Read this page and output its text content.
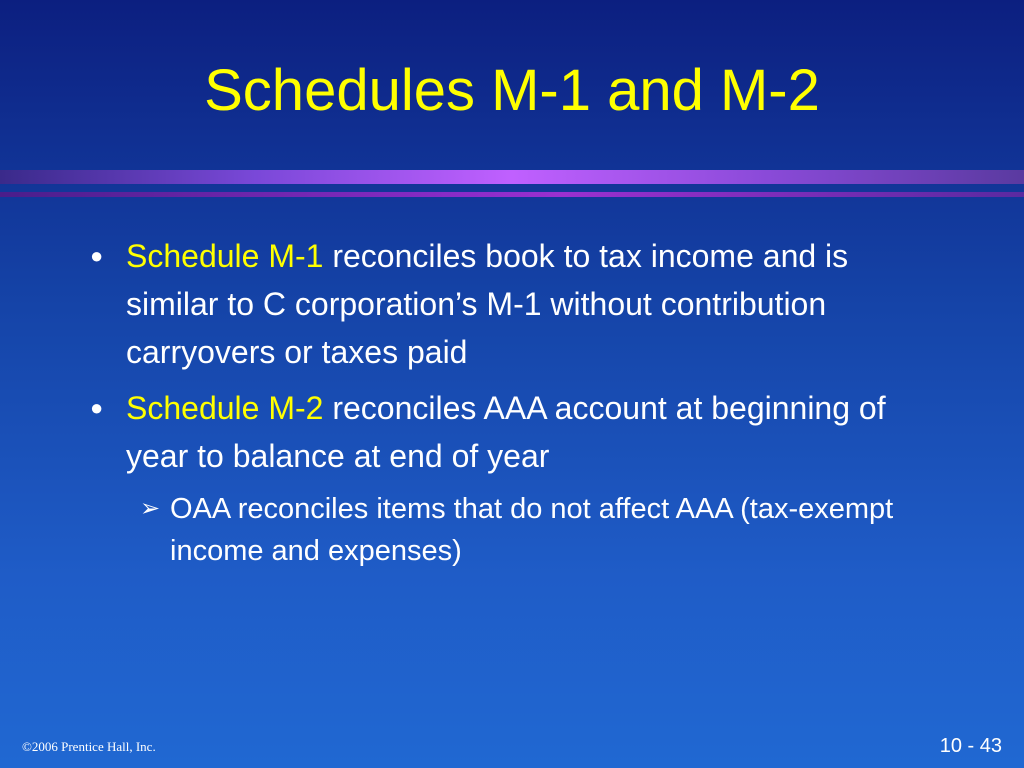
Schedules M-1 and M-2
● Schedule M-1 reconciles book to tax income and is similar to C corporation’s M-1 without contribution carryovers or taxes paid
● Schedule M-2 reconciles AAA account at beginning of year to balance at end of year
➢ OAA reconciles items that do not affect AAA (tax-exempt income and expenses)
©2006 Prentice Hall, Inc.	10 - 43
